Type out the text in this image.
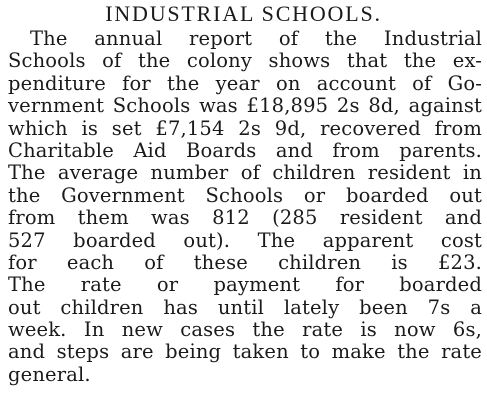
INDUSTRIAL SCHOOLS.
The annual report of the Industrial
Schools of the colony shows that the ex-
penditure for the year on account of Go-
vernment Schools was £18,895 2s 8d, against
which is set £7,154 2s 9d, recovered from
Charitable Aid Boards and from parents.
The average number of children resident in
the Government Schools or boarded out
from them was 812 (285 resident and
527 boarded out). The apparent cost
for each of these children is £23.
The rate or payment for boarded
out children has until lately been 7s a
week. In new cases the rate is now 6s,
and steps are being taken to make the rate
general.
